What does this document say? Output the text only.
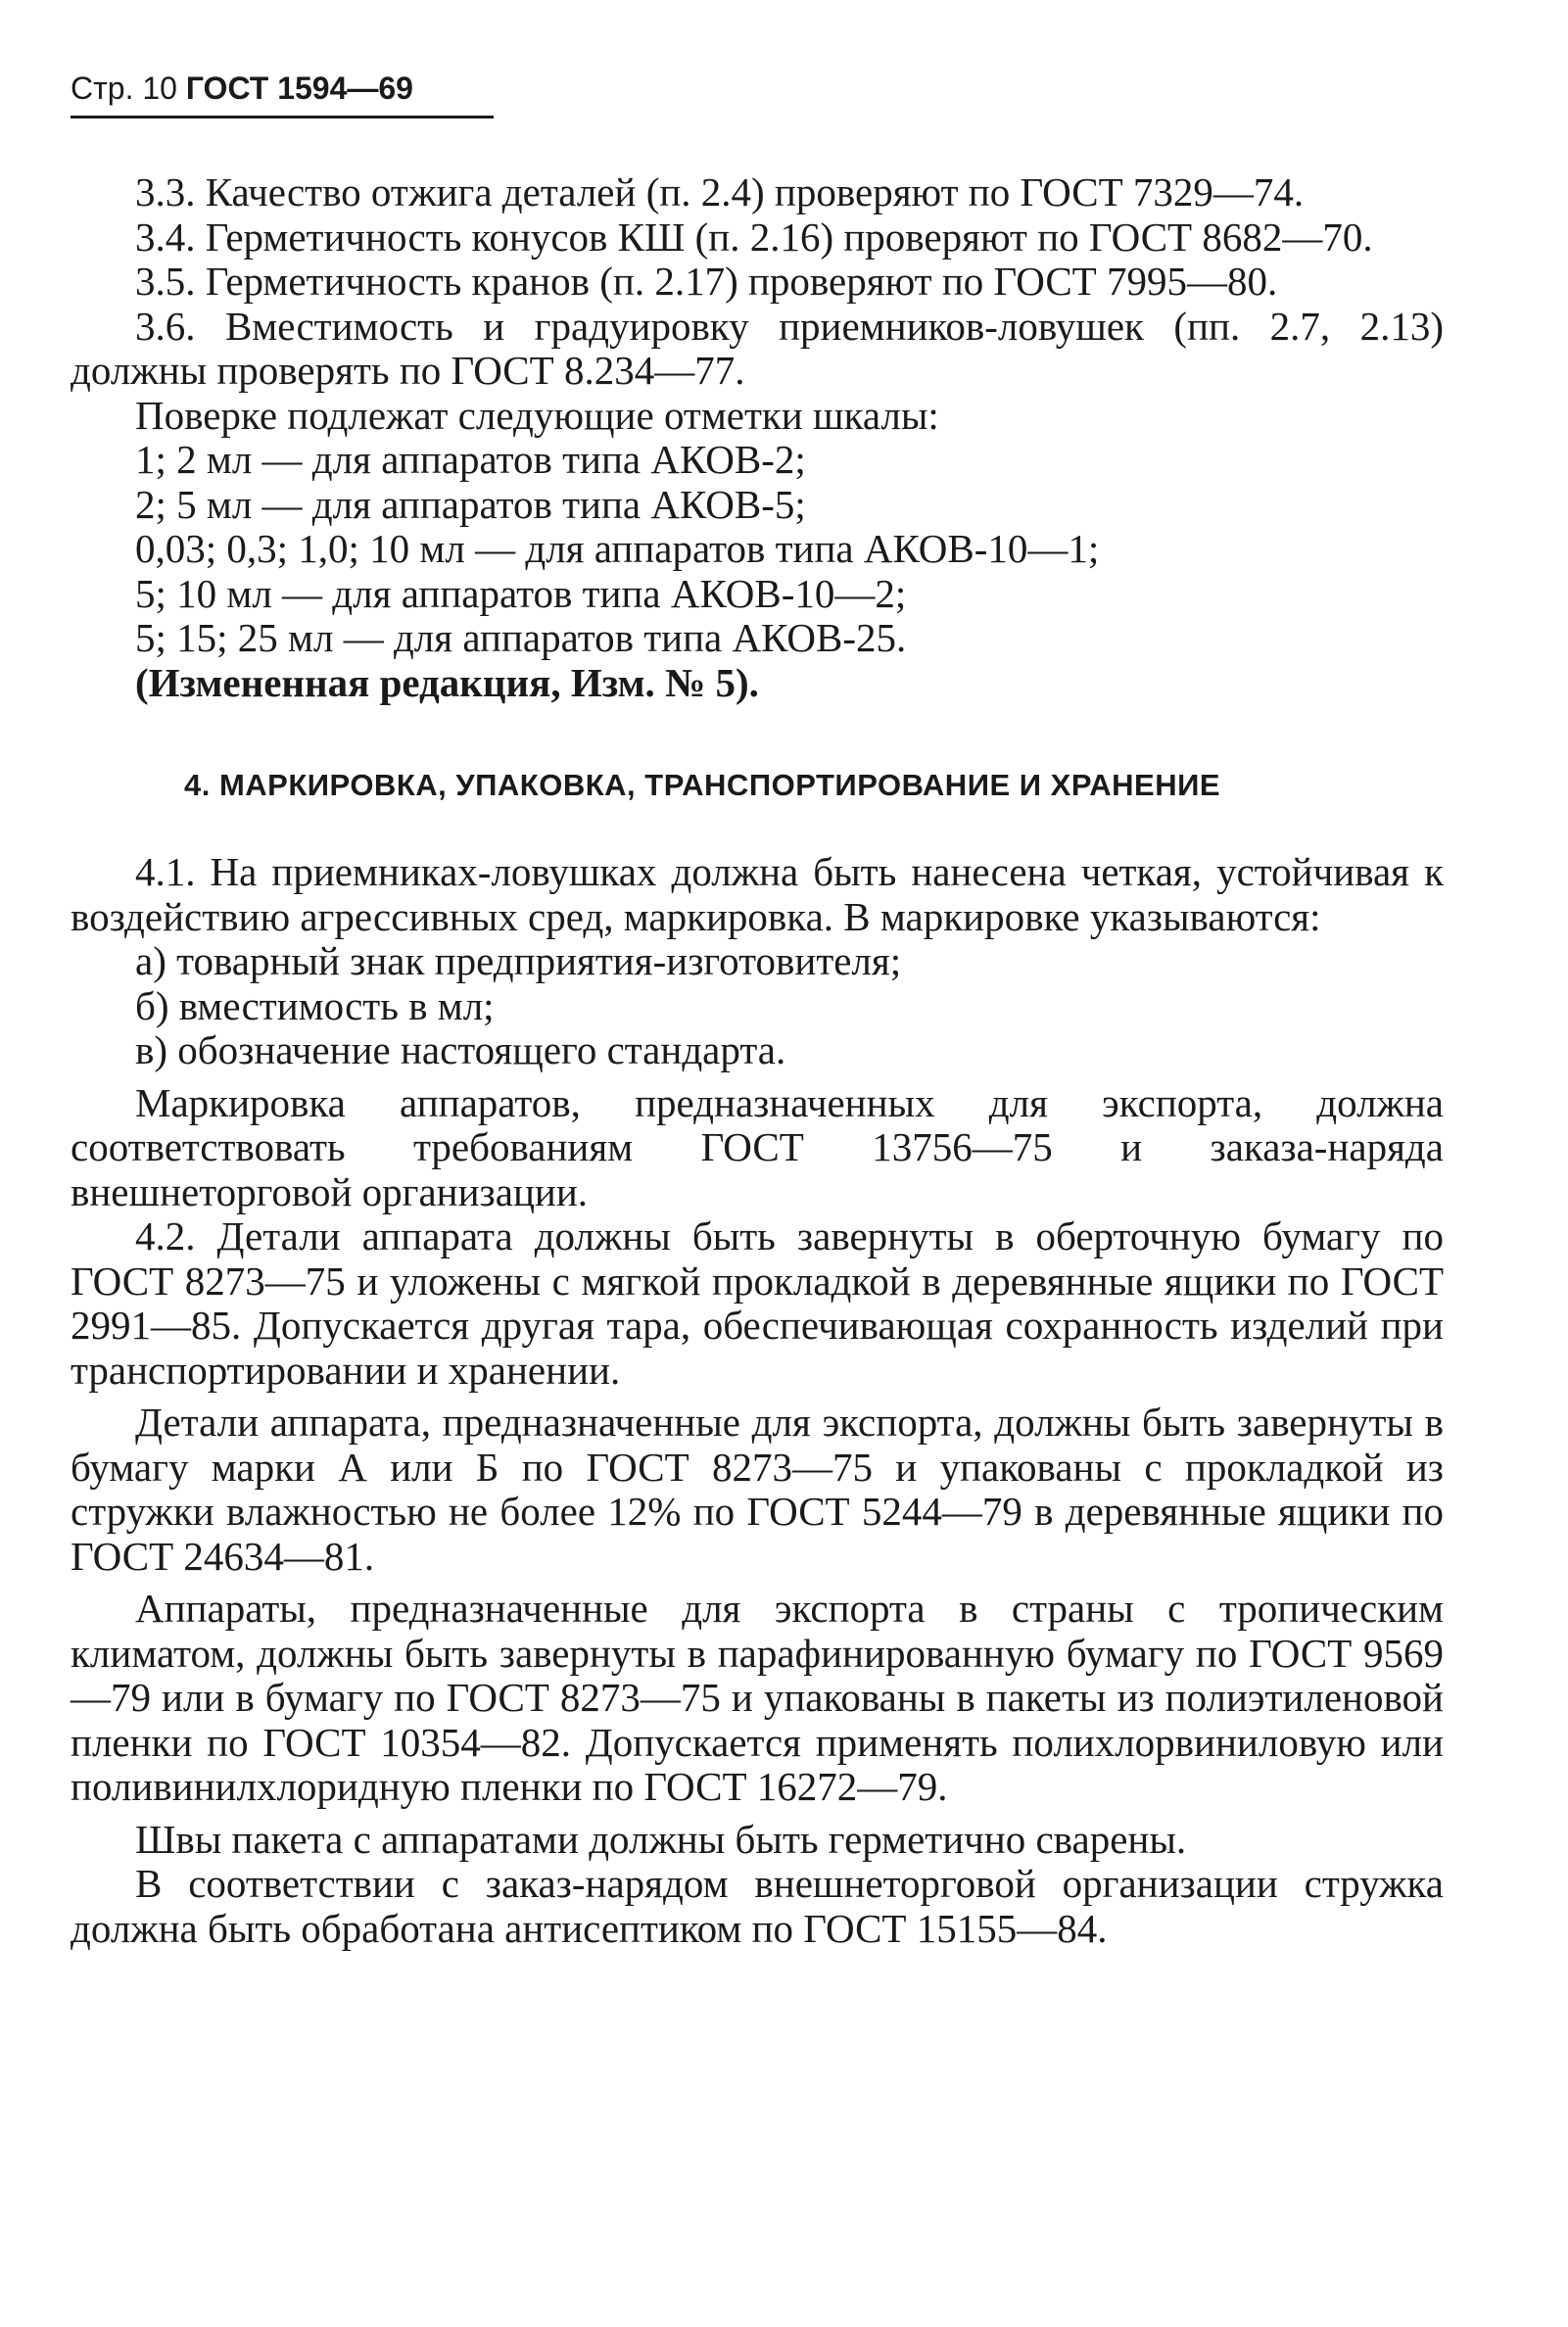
Стр. 10 ГОСТ 1594—69

3.3. Качество отжига деталей (п. 2.4) проверяют по ГОСТ 7329—74.

3.4. Герметичность конусов КШ (п. 2.16) проверяют по ГОСТ 8682—70.

3.5. Герметичность кранов (п. 2.17) проверяют по ГОСТ 7995—80.

3.6. Вместимость и градуировку приемников-ловушек (пп. 2.7, 2.13) должны проверять по ГОСТ 8.234—77.

Поверке подлежат следующие отметки шкалы:

1; 2 мл — для аппаратов типа АКОВ-2;

2; 5 мл — для аппаратов типа АКОВ-5;

0,03; 0,3; 1,0; 10 мл — для аппаратов типа АКОВ-10—1;

5; 10 мл — для аппаратов типа АКОВ-10—2;

5; 15; 25 мл — для аппаратов типа АКОВ-25.

(Измененная редакция, Изм. № 5).

4. МАРКИРОВКА, УПАКОВКА, ТРАНСПОРТИРОВАНИЕ И ХРАНЕНИЕ

4.1. На приемниках-ловушках должна быть нанесена четкая, устойчивая к воздействию агрессивных сред, маркировка. В маркировке указываются:

а) товарный знак предприятия-изготовителя;

б) вместимость в мл;

в) обозначение настоящего стандарта.

Маркировка аппаратов, предназначенных для экспорта, должна соответствовать требованиям ГОСТ 13756—75 и заказа-наряда внешнеторговой организации.

4.2. Детали аппарата должны быть завернуты в оберточную бумагу по ГОСТ 8273—75 и уложены с мягкой прокладкой в деревянные ящики по ГОСТ 2991—85. Допускается другая тара, обеспечивающая сохранность изделий при транспортировании и хранении.

Детали аппарата, предназначенные для экспорта, должны быть завернуты в бумагу марки А или Б по ГОСТ 8273—75 и упакованы с прокладкой из стружки влажностью не более 12% по ГОСТ 5244—79 в деревянные ящики по ГОСТ 24634—81.

Аппараты, предназначенные для экспорта в страны с тропическим климатом, должны быть завернуты в парафинированную бумагу по ГОСТ 9569—79 или в бумагу по ГОСТ 8273—75 и упакованы в пакеты из полиэтиленовой пленки по ГОСТ 10354—82. Допускается применять полихлорвиниловую или поливинилхлоридную пленки по ГОСТ 16272—79.

Швы пакета с аппаратами должны быть герметично сварены.

В соответствии с заказ-нарядом внешнеторговой организации стружка должна быть обработана антисептиком по ГОСТ 15155—84.
